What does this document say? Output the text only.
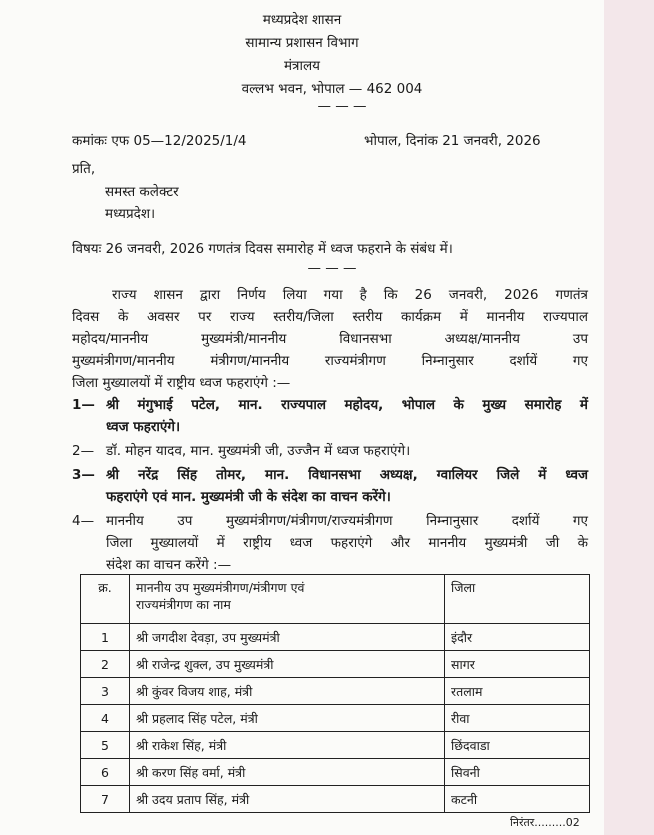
मध्यप्रदेश शासन
सामान्य प्रशासन विभाग
मंत्रालय
वल्लभ भवन, भोपाल — 462 004
— — —
कमांकः एफ 05—12/2025/1/4	भोपाल, दिनांक 21 जनवरी, 2026
प्रति,
समस्त कलेक्टर
मध्यप्रदेश।
विषयः 26 जनवरी, 2026 गणतंत्र दिवस समारोह में ध्वज फहराने के संबंध में।
— — —
राज्य शासन द्वारा निर्णय लिया गया है कि 26 जनवरी, 2026 गणतंत्र
दिवस के अवसर पर राज्य स्तरीय/जिला स्तरीय कार्यक्रम में माननीय राज्यपाल
महोदय/माननीय मुख्यमंत्री/माननीय विधानसभा अध्यक्ष/माननीय उप
मुख्यमंत्रीगण/माननीय मंत्रीगण/माननीय राज्यमंत्रीगण निम्नानुसार दर्शायें गए
जिला मुख्यालयों में राष्ट्रीय ध्वज फहराएंगे :—
1— श्री मंगुभाई पटेल, मान. राज्यपाल महोदय, भोपाल के मुख्य समारोह में
ध्वज फहराएंगे।
2— डॉ. मोहन यादव, मान. मुख्यमंत्री जी, उज्जैन में ध्वज फहराएंगे।
3— श्री नरेंद्र सिंह तोमर, मान. विधानसभा अध्यक्ष, ग्वालियर जिले में ध्वज
फहराएंगे एवं मान. मुख्यमंत्री जी के संदेश का वाचन करेंगे।
4— माननीय उप मुख्यमंत्रीगण/मंत्रीगण/राज्यमंत्रीगण निम्नानुसार दर्शायें गए
जिला मुख्यालयों में राष्ट्रीय ध्वज फहराएंगे और माननीय मुख्यमंत्री जी के
संदेश का वाचन करेंगे :—
क्र.	माननीय उप मुख्यमंत्रीगण/मंत्रीगण एवं
राज्यमंत्रीगण का नाम	जिला
1	श्री जगदीश देवड़ा, उप मुख्यमंत्री	इंदौर
2	श्री राजेन्द्र शुक्ल, उप मुख्यमंत्री	सागर
3	श्री कुंवर विजय शाह, मंत्री	रतलाम
4	श्री प्रहलाद सिंह पटेल, मंत्री	रीवा
5	श्री राकेश सिंह, मंत्री	छिंदवाडा
6	श्री करण सिंह वर्मा, मंत्री	सिवनी
7	श्री उदय प्रताप सिंह, मंत्री	कटनी
निरंतर.........02
